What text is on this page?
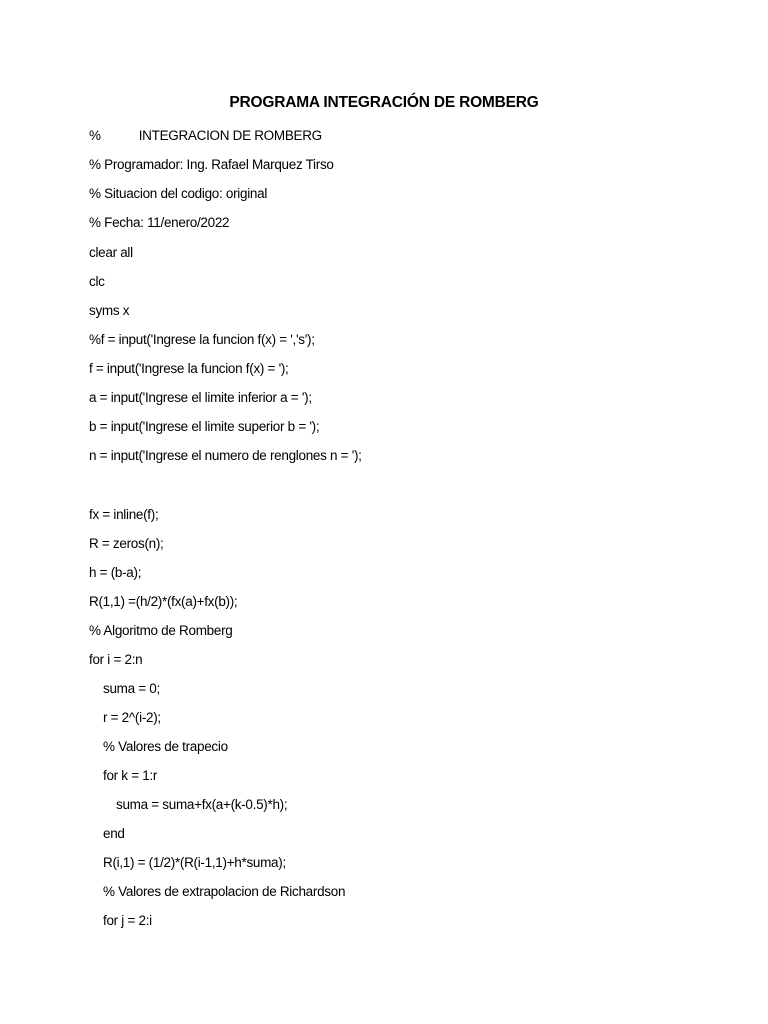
PROGRAMA INTEGRACIÓN DE ROMBERG
%	INTEGRACION DE ROMBERG
% Programador: Ing. Rafael Marquez Tirso
% Situacion del codigo: original
% Fecha: 11/enero/2022
clear all
clc
syms x
%f = input('Ingrese la funcion f(x) = ','s');
f = input('Ingrese la funcion f(x) = ');
a = input('Ingrese el limite inferior a = ');
b = input('Ingrese el limite superior b = ');
n = input('Ingrese el numero de renglones n = ');
fx = inline(f);
R = zeros(n);
h = (b-a);
R(1,1) =(h/2)*(fx(a)+fx(b));
% Algoritmo de Romberg
for i = 2:n
suma = 0;
r = 2^(i-2);
% Valores de trapecio
for k = 1:r
suma = suma+fx(a+(k-0.5)*h);
end
R(i,1) = (1/2)*(R(i-1,1)+h*suma);
% Valores de extrapolacion de Richardson
for j = 2:i
